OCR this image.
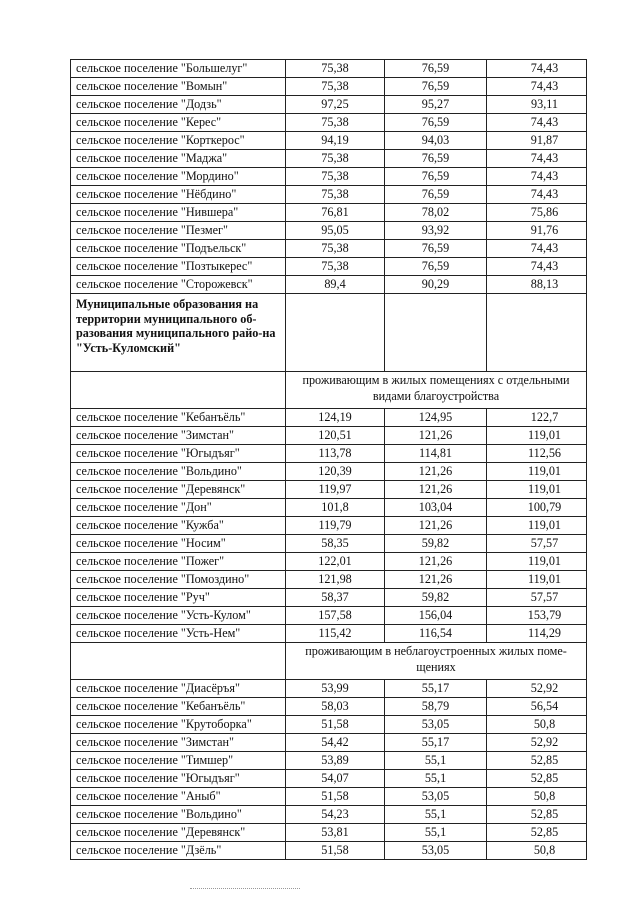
сельское поселение "Большелуг"	75,38	76,59	74,43
сельское поселение "Вомын"	75,38	76,59	74,43
сельское поселение "Додзь"	97,25	95,27	93,11
сельское поселение "Керес"	75,38	76,59	74,43
сельское поселение "Корткерос"	94,19	94,03	91,87
сельское поселение "Маджа"	75,38	76,59	74,43
сельское поселение "Мордино"	75,38	76,59	74,43
сельское поселение "Нёбдино"	75,38	76,59	74,43
сельское поселение "Нившера"	76,81	78,02	75,86
сельское поселение "Пезмег"	95,05	93,92	91,76
сельское поселение "Подъельск"	75,38	76,59	74,43
сельское поселение "Позтыкерес"	75,38	76,59	74,43
сельское поселение "Сторожевск"	89,4	90,29	88,13
Муниципальные образования на территории муниципального об-разования муниципального райо-на "Усть-Куломский"			
	проживающим в жилых помещениях с отдельными видами благоустройства		
сельское поселение "Кебанъёль"	124,19	124,95	122,7
сельское поселение "Зимстан"	120,51	121,26	119,01
сельское поселение "Югыдъяг"	113,78	114,81	112,56
сельское поселение "Вольдино"	120,39	121,26	119,01
сельское поселение "Деревянск"	119,97	121,26	119,01
сельское поселение "Дон"	101,8	103,04	100,79
сельское поселение "Кужба"	119,79	121,26	119,01
сельское поселение "Носим"	58,35	59,82	57,57
сельское поселение "Пожег"	122,01	121,26	119,01
сельское поселение "Помоздино"	121,98	121,26	119,01
сельское поселение "Руч"	58,37	59,82	57,57
сельское поселение "Усть-Кулом"	157,58	156,04	153,79
сельское поселение "Усть-Нем"	115,42	116,54	114,29
	проживающим в неблагоустроенных жилых поме-щениях		
сельское поселение "Диасёръя"	53,99	55,17	52,92
сельское поселение "Кебанъёль"	58,03	58,79	56,54
сельское поселение "Крутоборка"	51,58	53,05	50,8
сельское поселение "Зимстан"	54,42	55,17	52,92
сельское поселение "Тимшер"	53,89	55,1	52,85
сельское поселение "Югыдъяг"	54,07	55,1	52,85
сельское поселение "Аныб"	51,58	53,05	50,8
сельское поселение "Вольдино"	54,23	55,1	52,85
сельское поселение "Деревянск"	53,81	55,1	52,85
сельское поселение "Дзёль"	51,58	53,05	50,8
